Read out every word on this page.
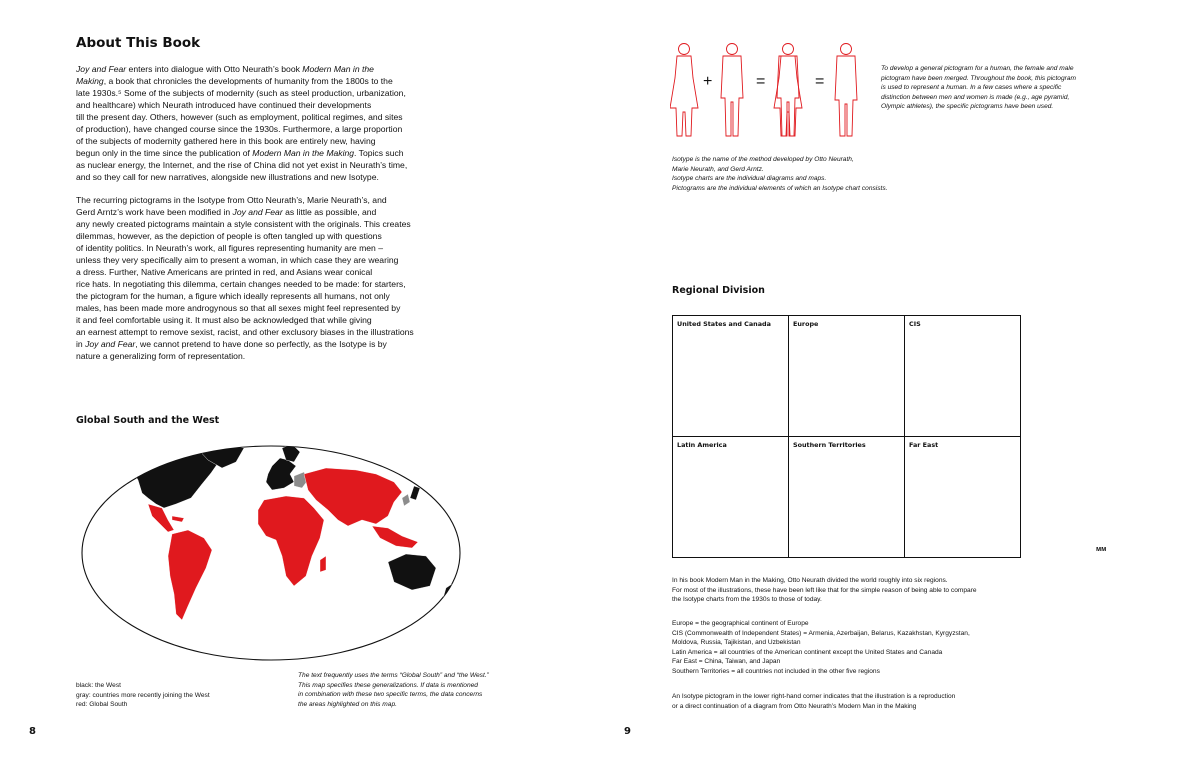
About This Book

Joy and Fear enters into dialogue with Otto Neurath’s book Modern Man in the
Making, a book that chronicles the developments of humanity from the 1800s to the
late 1930s.⁵ Some of the subjects of modernity (such as steel production, urbanization,
and healthcare) which Neurath introduced have continued their developments
till the present day. Others, however (such as employment, political regimes, and sites
of production), have changed course since the 1930s. Furthermore, a large proportion
of the subjects of modernity gathered here in this book are entirely new, having
begun only in the time since the publication of Modern Man in the Making. Topics such
as nuclear energy, the Internet, and the rise of China did not yet exist in Neurath’s time,
and so they call for new narratives, alongside new illustrations and new Isotype.

The recurring pictograms in the Isotype from Otto Neurath’s, Marie Neurath’s, and
Gerd Arntz’s work have been modified in Joy and Fear as little as possible, and
any newly created pictograms maintain a style consistent with the originals. This creates
dilemmas, however, as the depiction of people is often tangled up with questions
of identity politics. In Neurath’s work, all figures representing humanity are men –
unless they very specifically aim to present a woman, in which case they are wearing
a dress. Further, Native Americans are printed in red, and Asians wear conical
rice hats. In negotiating this dilemma, certain changes needed to be made: for starters,
the pictogram for the human, a figure which ideally represents all humans, not only
males, has been made more androgynous so that all sexes might feel represented by
it and feel comfortable using it. It must also be acknowledged that while giving
an earnest attempt to remove sexist, racist, and other exclusory biases in the illustrations
in Joy and Fear, we cannot pretend to have done so perfectly, as the Isotype is by
nature a generalizing form of representation.

Global South and the West
black: the West
gray: countries more recently joining the West
red: Global South
The text frequently uses the terms “Global South” and “the West.”
This map specifies these generalizations. If data is mentioned
in combination with these two specific terms, the data concerns
the areas highlighted on this map.
8
+	=	=
To develop a general pictogram for a human, the female and male
pictogram have been merged. Throughout the book, this pictogram
is used to represent a human. In a few cases where a specific
distinction between men and women is made (e.g., age pyramid,
Olympic athletes), the specific pictograms have been used.
Isotype is the name of the method developed by Otto Neurath,
Marie Neurath, and Gerd Arntz.
Isotype charts are the individual diagrams and maps.
Pictograms are the individual elements of which an Isotype chart consists.
Regional Division
United States and Canada	Europe	CIS
Latin America	Southern Territories	Far East
ᴍᴍ
In his book Modern Man in the Making, Otto Neurath divided the world roughly into six regions.
For most of the illustrations, these have been left like that for the simple reason of being able to compare
the Isotype charts from the 1930s to those of today.
Europe = the geographical continent of Europe
CIS (Commonwealth of Independent States) = Armenia, Azerbaijan, Belarus, Kazakhstan, Kyrgyzstan,
Moldova, Russia, Tajikistan, and Uzbekistan
Latin America = all countries of the American continent except the United States and Canada
Far East = China, Taiwan, and Japan
Southern Territories = all countries not included in the other five regions
An Isotype pictogram in the lower right-hand corner indicates that the illustration is a reproduction
or a direct continuation of a diagram from Otto Neurath’s Modern Man in the Making
9
